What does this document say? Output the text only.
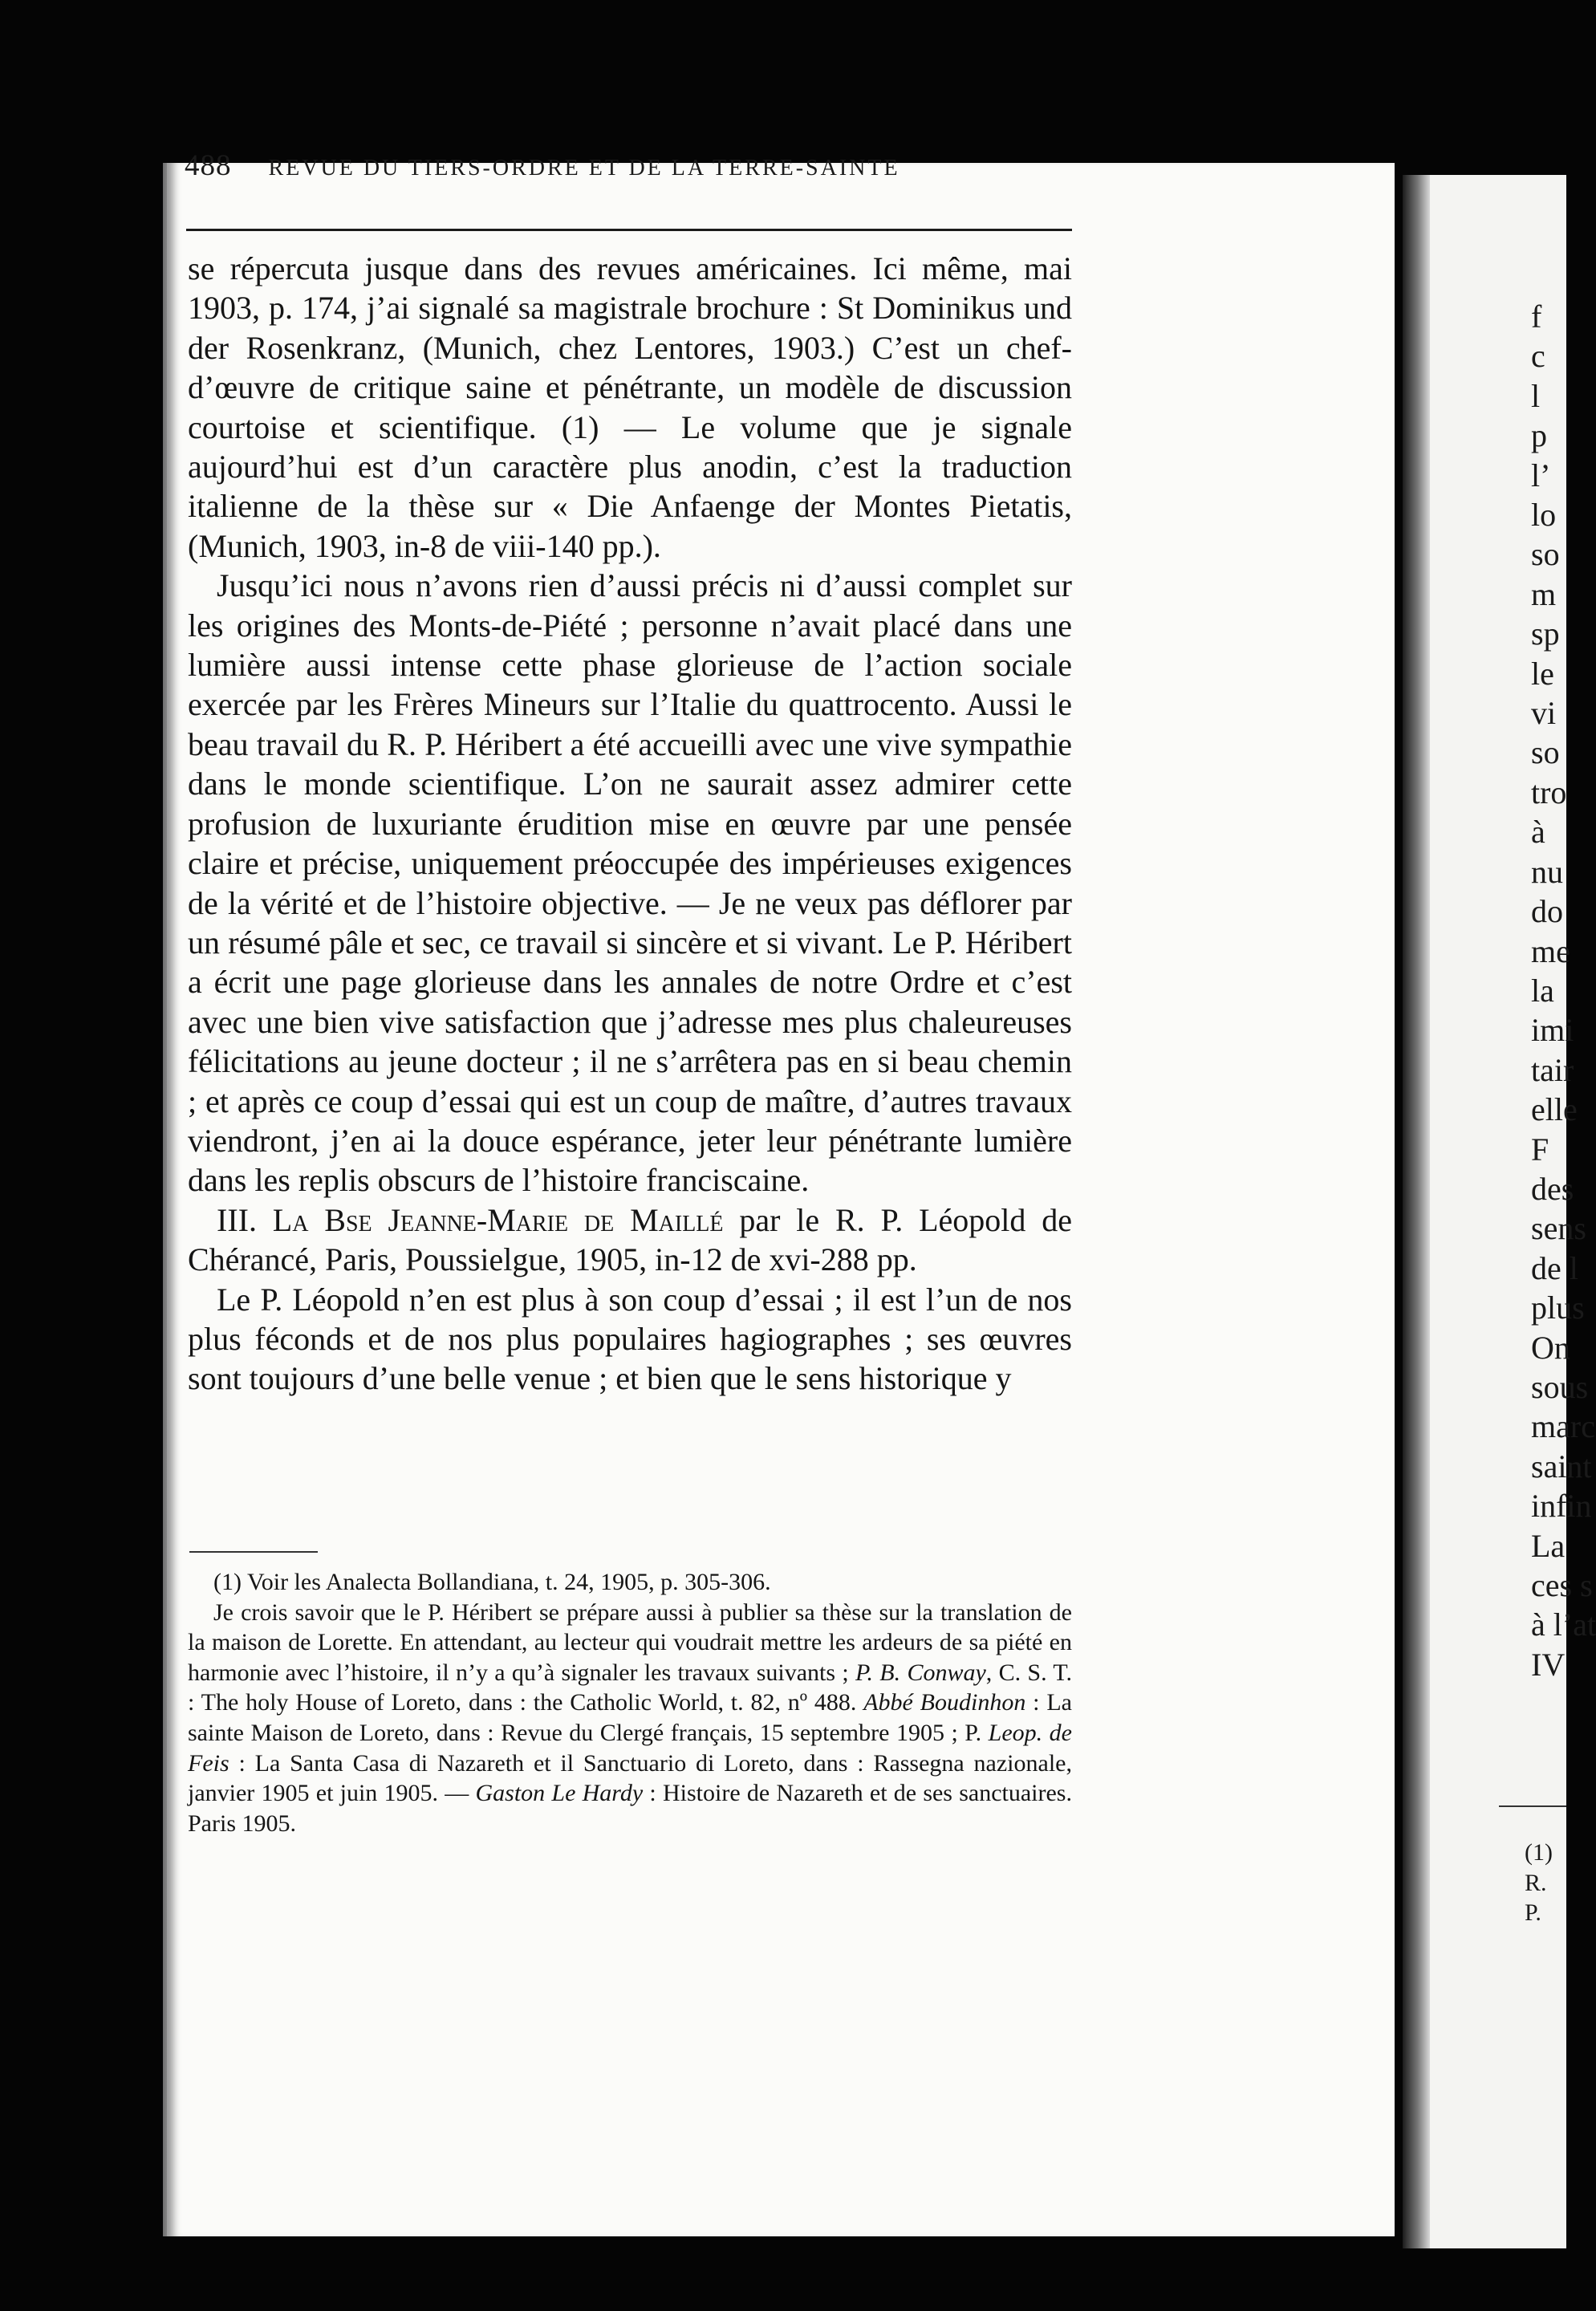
488 REVUE DU TIERS-ORDRE ET DE LA TERRE-SAINTE

se répercuta jusque dans des revues américaines. Ici même, mai 1903, p. 174, j’ai signalé sa magistrale brochure : St Dominikus und der Rosenkranz, (Munich, chez Lentores, 1903.) C’est un chef-d’œuvre de critique saine et pénétrante, un modèle de discussion courtoise et scientifique. (1) — Le volume que je signale aujourd’hui est d’un caractère plus anodin, c’est la traduction italienne de la thèse sur « Die Anfaenge der Montes Pietatis, (Munich, 1903, in-8 de viii-140 pp.).

Jusqu’ici nous n’avons rien d’aussi précis ni d’aussi complet sur les origines des Monts-de-Piété ; personne n’avait placé dans une lumière aussi intense cette phase glorieuse de l’action sociale exercée par les Frères Mineurs sur l’Italie du quattrocento. Aussi le beau travail du R. P. Héribert a été accueilli avec une vive sympathie dans le monde scientifique. L’on ne saurait assez admirer cette profusion de luxuriante érudition mise en œuvre par une pensée claire et précise, uniquement préoccupée des impérieuses exigences de la vérité et de l’histoire objective. — Je ne veux pas déflorer par un résumé pâle et sec, ce travail si sincère et si vivant. Le P. Héribert a écrit une page glorieuse dans les annales de notre Ordre et c’est avec une bien vive satisfaction que j’adresse mes plus chaleureuses félicitations au jeune docteur ; il ne s’arrêtera pas en si beau chemin ; et après ce coup d’essai qui est un coup de maître, d’autres travaux viendront, j’en ai la douce espérance, jeter leur pénétrante lumière dans les replis obscurs de l’histoire franciscaine.

III. La Bse Jeanne-Marie de Maillé par le R. P. Léopold de Chérancé, Paris, Poussielgue, 1905, in-12 de xvi-288 pp.

Le P. Léopold n’en est plus à son coup d’essai ; il est l’un de nos plus féconds et de nos plus populaires hagiographes ; ses œuvres sont toujours d’une belle venue ; et bien que le sens historique y

(1) Voir les Analecta Bollandiana, t. 24, 1905, p. 305-306.

Je crois savoir que le P. Héribert se prépare aussi à publier sa thèse sur la translation de la maison de Lorette. En attendant, au lecteur qui voudrait mettre les ardeurs de sa piété en harmonie avec l’histoire, il n’y a qu’à signaler les travaux suivants ; P. B. Conway, C. S. T. : The holy House of Loreto, dans : the Catholic World, t. 82, nº 488. Abbé Boudinhon : La sainte Maison de Loreto, dans : Revue du Clergé français, 15 septembre 1905 ; P. Leop. de Feis : La Santa Casa di Nazareth et il Sanctuario di Loreto, dans : Rassegna nazionale, janvier 1905 et juin 1905. — Gaston Le Hardy : Histoire de Nazareth et de ses sanctuaires. Paris 1905.

f
c
l
p
l’
lo
so
m
sp
le
vi
so
tro
à
nu
do
me
la
imi
tair
elle
F
des
sens
de l
plus
On
sous
marc
saint
infin
La
ces s
à l’at
IV
(1)
R. P.
